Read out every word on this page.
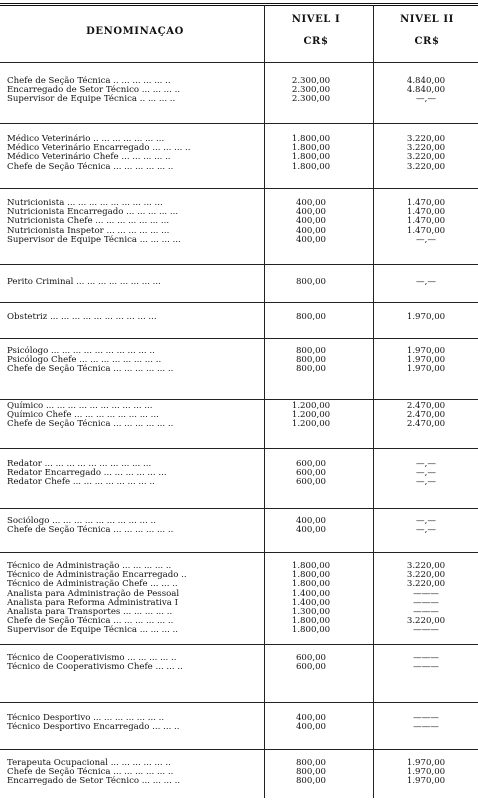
DENOMINAÇAO
NIVEL I
CR$
NIVEL II
CR$
Chefe de Seção Técnica .. ... ... ... ... ..	2.300,00	4.840,00
Encarregado de Setor Técnico ... ... ... ..	2.300,00	4.840,00
Supervisor de Equipe Técnica .. ... ... ..	2.300,00	—,—
Médico Veterinário .. ... ... ... ... ... ...	1.800,00	3.220,00
Médico Veterinário Encarregado ... ... ... ..	1.800,00	3.220,00
Médico Veterinário Chefe ... ... ... ... ..	1.800,00	3.220,00
Chefe de Seção Técnica ... ... ... ... ... ..	1.800,00	3.220,00
Nutricionista ... ... ... ... ... ... ... ... ...	400,00	1.470,00
Nutricionista Encarregado ... ... ... ... ...	400,00	1.470,00
Nutricionista Chefe ... ... ... ... ... ... ...	400,00	1.470,00
Nutricionista Inspetor ... ... ... ... ... ...	400,00	1.470,00
Supervisor de Equipe Técnica ... ... ... ...	400,00	—,—
Perito Criminal ... ... ... ... ... ... ... ...	800,00	—,—
Obstetriz ... ... ... ... ... ... ... ... ... ...	800,00	1.970,00
Psicólogo ... ... ... ... ... ... ... ... ... ..	800,00	1.970,00
Psicólogo Chefe ... ... ... ... ... ... ... ..	800,00	1.970,00
Chefe de Seção Técnica ... ... ... ... ... ..	800,00	1.970,00
Químico ... ... ... ... ... ... ... ... ... ...	1.200,00	2.470,00
Químico Chefe ... ... ... ... ... ... ... ...	1.200,00	2.470,00
Chefe de Seção Técnica ... ... ... ... ... ..	1.200,00	2.470,00
Redator ... ... ... ... ... ... ... ... ... ...	600,00	—,—
Redator Encarregado ... ... ... ... ... ...	600,00	—,—
Redator Chefe ... ... ... ... ... ... ... ..	600,00	—,—
Sociólogo ... ... ... ... ... ... ... ... ... ..	400,00	—,—
Chefe de Seção Técnica ... ... ... ... ... ..	400,00	—,—
Técnico de Administração ... ... ... ... ..	1.800,00	3.220,00
Técnico de Administração Encarregado ..	1.800,00	3.220,00
Técnico de Administração Chefe ... ... ..	1.800,00	3.220,00
Analista para Administração de Pessoal	1.400,00	———
Analista para Reforma Administrativa I	1.400,00	———
Analista para Transportes ... ... ... ... ..	1.300,00	———
Chefe de Seção Técnica ... ... ... ... ... ..	1.800,00	3.220,00
Supervisor de Equipe Técnica ... ... ... ..	1.800,00	———
Técnico de Cooperativismo ... ... ... ... ..	600,00	———
Técnico de Cooperativismo Chefe ... ... ..	600,00	———
Técnico Desportivo ... ... ... ... ... ... ..	400,00	———
Técnico Desportivo Encarregado ... ... ..	400,00	———
Terapeuta Ocupacional ... ... ... ... ... ..	800,00	1.970,00
Chefe de Seção Técnica ... ... ... ... ... ..	800,00	1.970,00
Encarregado de Setor Técnico ... ... ... ..	800,00	1.970,00
